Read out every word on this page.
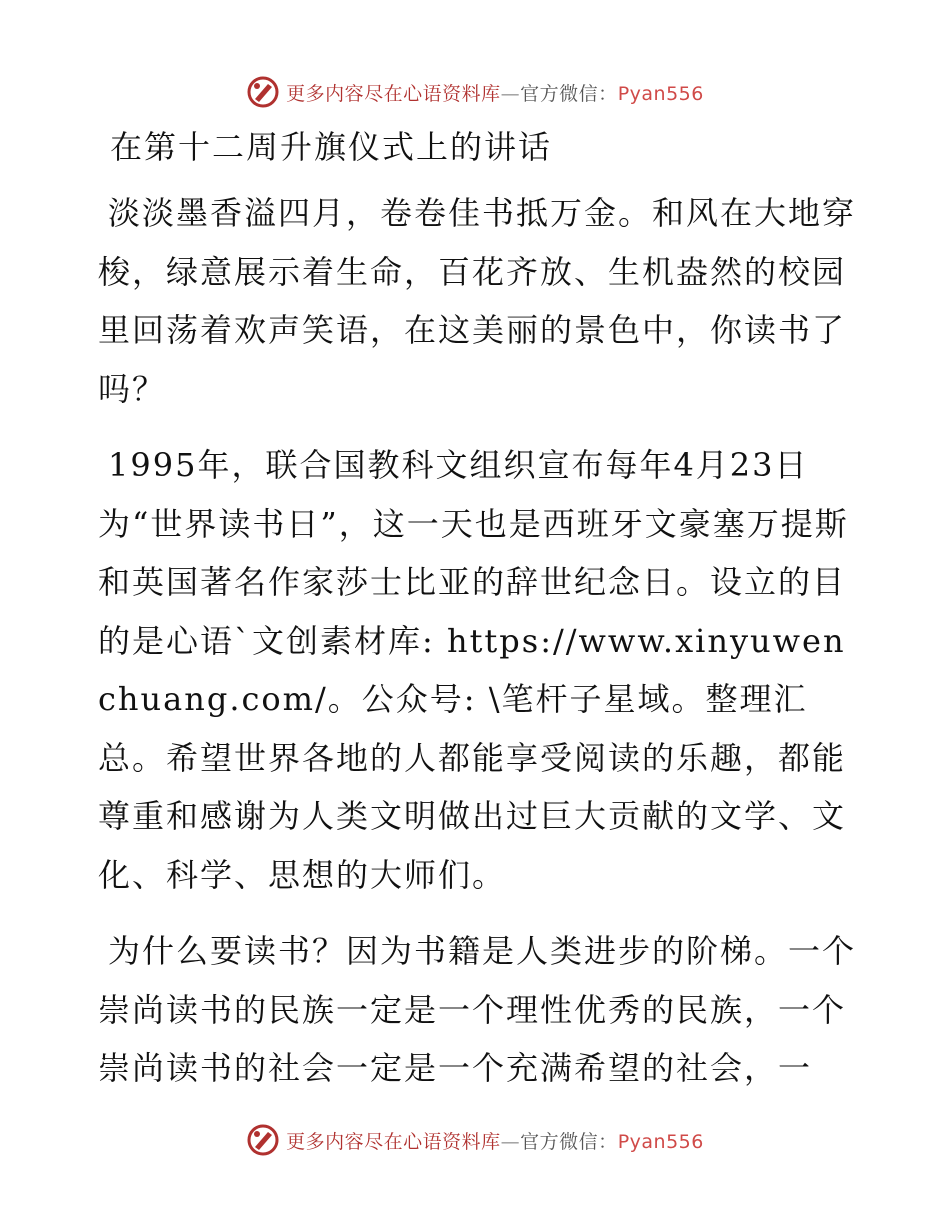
更多内容尽在心语资料库—官方微信：Pyan556
在第十二周升旗仪式上的讲话

淡淡墨香溢四月，卷卷佳书抵万金。和风在大地穿梭，绿意展示着生命，百花齐放、生机盎然的校园里回荡着欢声笑语，在这美丽的景色中，你读书了吗？

1995年，联合国教科文组织宣布每年4月23日为“世界读书日”，这一天也是西班牙文豪塞万提斯和英国著名作家莎士比亚的辞世纪念日。设立的目的是心语`文创素材库: https://www.xinyuwenchuang.com/。公众号: \笔杆子星域。整理汇总。希望世界各地的人都能享受阅读的乐趣，都能尊重和感谢为人类文明做出过巨大贡献的文学、文化、科学、思想的大师们。

为什么要读书？因为书籍是人类进步的阶梯。一个崇尚读书的民族一定是一个理性优秀的民族，一个崇尚读书的社会一定是一个充满希望的社会，一

更多内容尽在心语资料库—官方微信：Pyan556
